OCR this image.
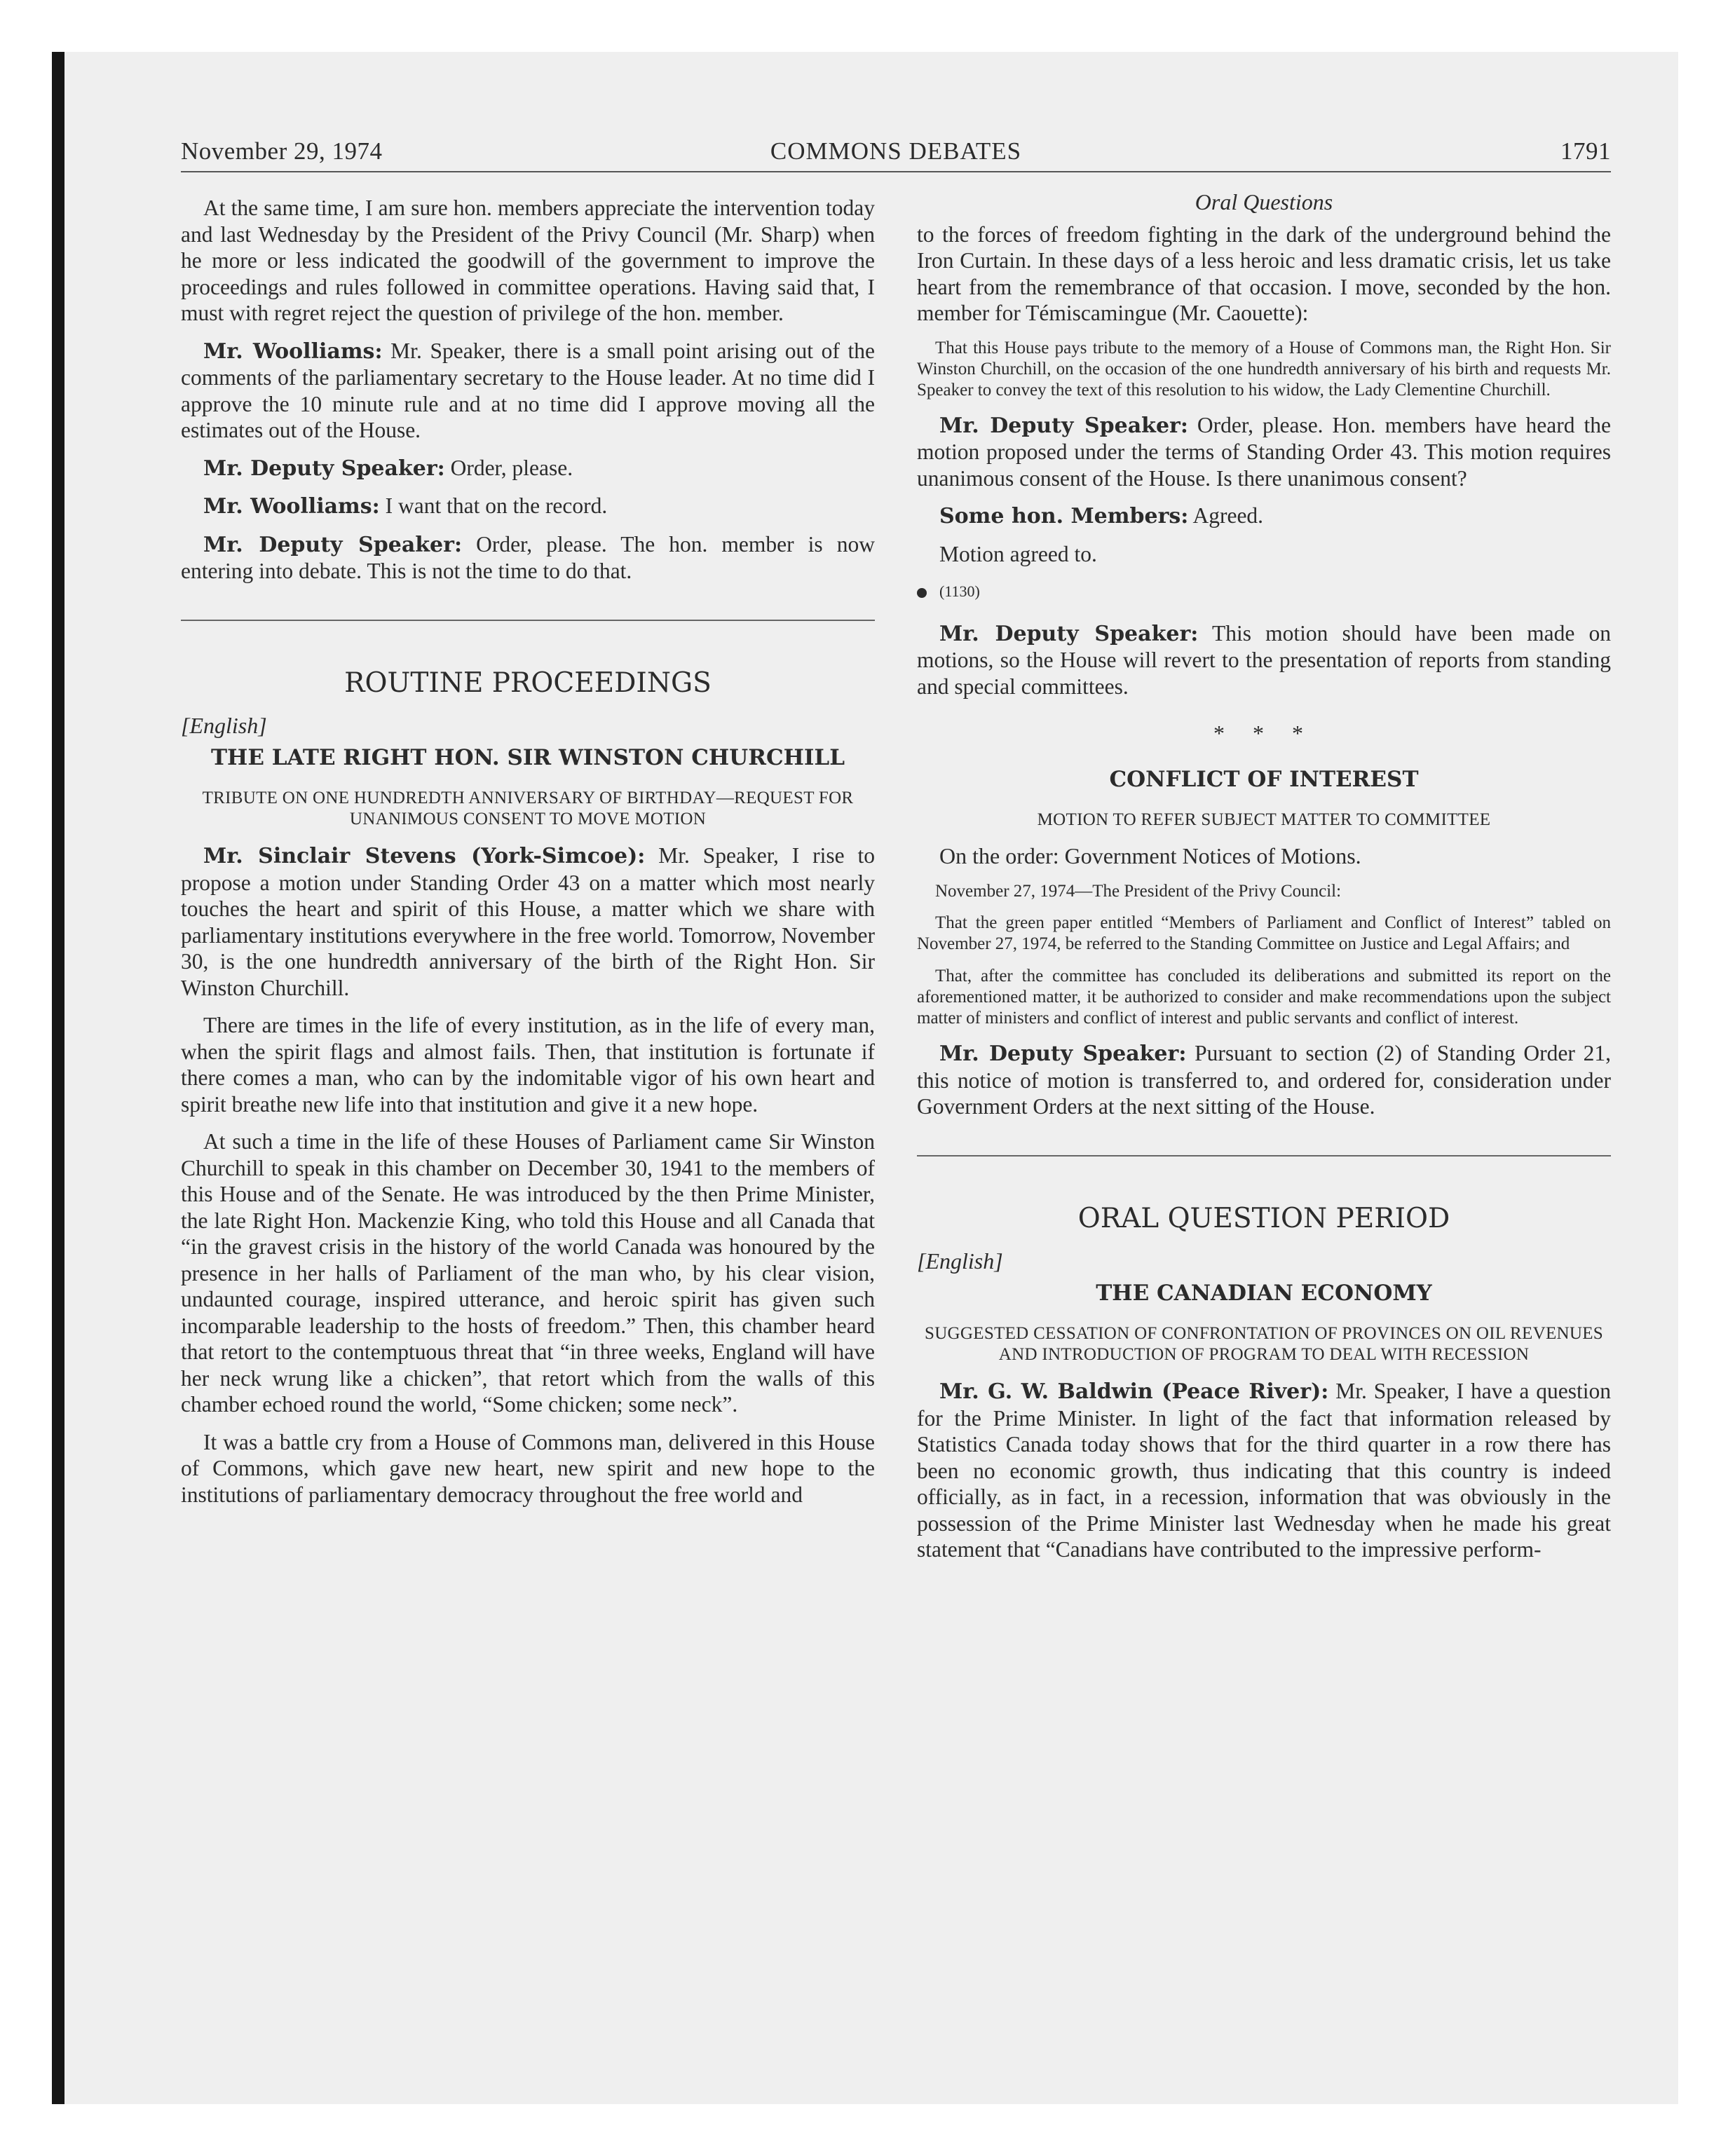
November 29, 1974	COMMONS DEBATES	1791

At the same time, I am sure hon. members appreciate the intervention today and last Wednesday by the President of the Privy Council (Mr. Sharp) when he more or less indicated the goodwill of the government to improve the proceedings and rules followed in committee operations. Having said that, I must with regret reject the question of privilege of the hon. member.

Mr. Woolliams: Mr. Speaker, there is a small point arising out of the comments of the parliamentary secretary to the House leader. At no time did I approve the 10 minute rule and at no time did I approve moving all the estimates out of the House.

Mr. Deputy Speaker: Order, please.

Mr. Woolliams: I want that on the record.

Mr. Deputy Speaker: Order, please. The hon. member is now entering into debate. This is not the time to do that.

ROUTINE PROCEEDINGS
[English]
THE LATE RIGHT HON. SIR WINSTON CHURCHILL
TRIBUTE ON ONE HUNDREDTH ANNIVERSARY OF BIRTHDAY—REQUEST FOR UNANIMOUS CONSENT TO MOVE MOTION

Mr. Sinclair Stevens (York-Simcoe): Mr. Speaker, I rise to propose a motion under Standing Order 43 on a matter which most nearly touches the heart and spirit of this House, a matter which we share with parliamentary institutions everywhere in the free world. Tomorrow, November 30, is the one hundredth anniversary of the birth of the Right Hon. Sir Winston Churchill.

There are times in the life of every institution, as in the life of every man, when the spirit flags and almost fails. Then, that institution is fortunate if there comes a man, who can by the indomitable vigor of his own heart and spirit breathe new life into that institution and give it a new hope.

At such a time in the life of these Houses of Parliament came Sir Winston Churchill to speak in this chamber on December 30, 1941 to the members of this House and of the Senate. He was introduced by the then Prime Minister, the late Right Hon. Mackenzie King, who told this House and all Canada that “in the gravest crisis in the history of the world Canada was honoured by the presence in her halls of Parliament of the man who, by his clear vision, undaunted courage, inspired utterance, and heroic spirit has given such incomparable leadership to the hosts of freedom.” Then, this chamber heard that retort to the contemptuous threat that “in three weeks, England will have her neck wrung like a chicken”, that retort which from the walls of this chamber echoed round the world, “Some chicken; some neck”.

It was a battle cry from a House of Commons man, delivered in this House of Commons, which gave new heart, new spirit and new hope to the institutions of parliamentary democracy throughout the free world and

Oral Questions

to the forces of freedom fighting in the dark of the underground behind the Iron Curtain. In these days of a less heroic and less dramatic crisis, let us take heart from the remembrance of that occasion. I move, seconded by the hon. member for Témiscamingue (Mr. Caouette):

That this House pays tribute to the memory of a House of Commons man, the Right Hon. Sir Winston Churchill, on the occasion of the one hundredth anniversary of his birth and requests Mr. Speaker to convey the text of this resolution to his widow, the Lady Clementine Churchill.

Mr. Deputy Speaker: Order, please. Hon. members have heard the motion proposed under the terms of Standing Order 43. This motion requires unanimous consent of the House. Is there unanimous consent?

Some hon. Members: Agreed.

Motion agreed to.

(1130)

Mr. Deputy Speaker: This motion should have been made on motions, so the House will revert to the presentation of reports from standing and special committees.

* * *
CONFLICT OF INTEREST
MOTION TO REFER SUBJECT MATTER TO COMMITTEE
On the order: Government Notices of Motions.
November 27, 1974—The President of the Privy Council:
That the green paper entitled “Members of Parliament and Conflict of Interest” tabled on November 27, 1974, be referred to the Standing Committee on Justice and Legal Affairs; and
That, after the committee has concluded its deliberations and submitted its report on the aforementioned matter, it be authorized to consider and make recommendations upon the subject matter of ministers and conflict of interest and public servants and conflict of interest.

Mr. Deputy Speaker: Pursuant to section (2) of Standing Order 21, this notice of motion is transferred to, and ordered for, consideration under Government Orders at the next sitting of the House.

ORAL QUESTION PERIOD
[English]
THE CANADIAN ECONOMY
SUGGESTED CESSATION OF CONFRONTATION OF PROVINCES ON OIL REVENUES AND INTRODUCTION OF PROGRAM TO DEAL WITH RECESSION

Mr. G. W. Baldwin (Peace River): Mr. Speaker, I have a question for the Prime Minister. In light of the fact that information released by Statistics Canada today shows that for the third quarter in a row there has been no economic growth, thus indicating that this country is indeed officially, as in fact, in a recession, information that was obviously in the possession of the Prime Minister last Wednesday when he made his great statement that “Canadians have contributed to the impressive perform-
